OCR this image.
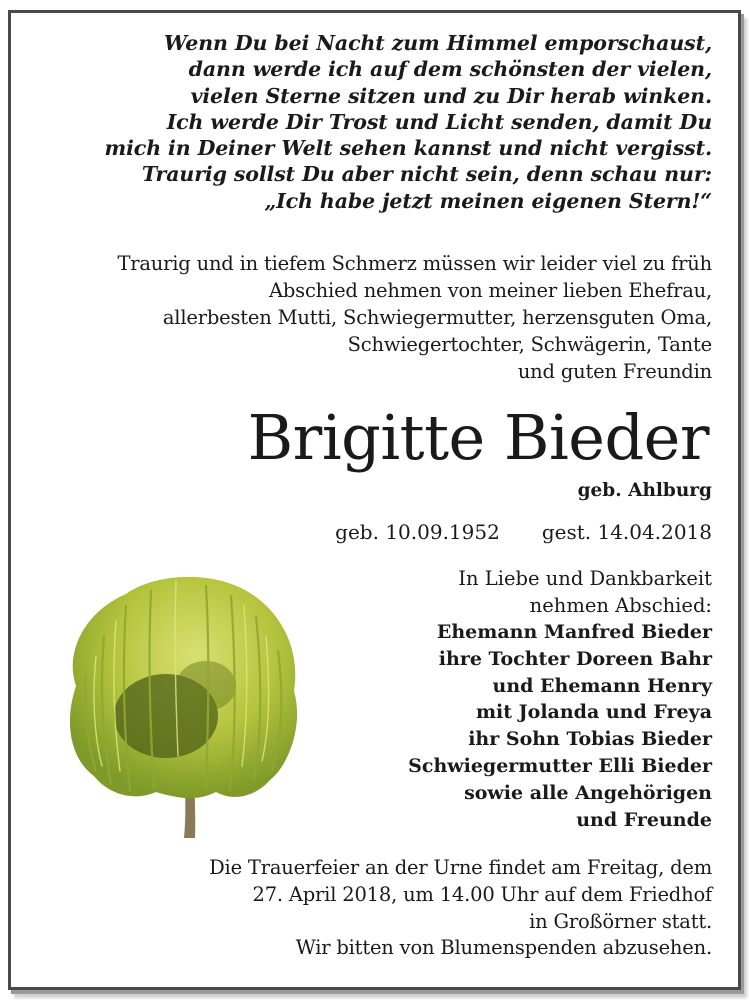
Wenn Du bei Nacht zum Himmel emporschaust,
dann werde ich auf dem schönsten der vielen,
vielen Sterne sitzen und zu Dir herab winken.
Ich werde Dir Trost und Licht senden, damit Du
mich in Deiner Welt sehen kannst und nicht vergisst.
Traurig sollst Du aber nicht sein, denn schau nur:
„Ich habe jetzt meinen eigenen Stern!“
Traurig und in tiefem Schmerz müssen wir leider viel zu früh
Abschied nehmen von meiner lieben Ehefrau,
allerbesten Mutti, Schwiegermutter, herzensguten Oma,
Schwiegertochter, Schwägerin, Tante
und guten Freundin
Brigitte Bieder
geb. Ahlburg
geb. 10.09.1952 gest. 14.04.2018
In Liebe und Dankbarkeit
nehmen Abschied:
Ehemann Manfred Bieder
ihre Tochter Doreen Bahr
und Ehemann Henry
mit Jolanda und Freya
ihr Sohn Tobias Bieder
Schwiegermutter Elli Bieder
sowie alle Angehörigen
und Freunde
Die Trauerfeier an der Urne findet am Freitag, dem
27. April 2018, um 14.00 Uhr auf dem Friedhof
in Großörner statt.
Wir bitten von Blumenspenden abzusehen.
